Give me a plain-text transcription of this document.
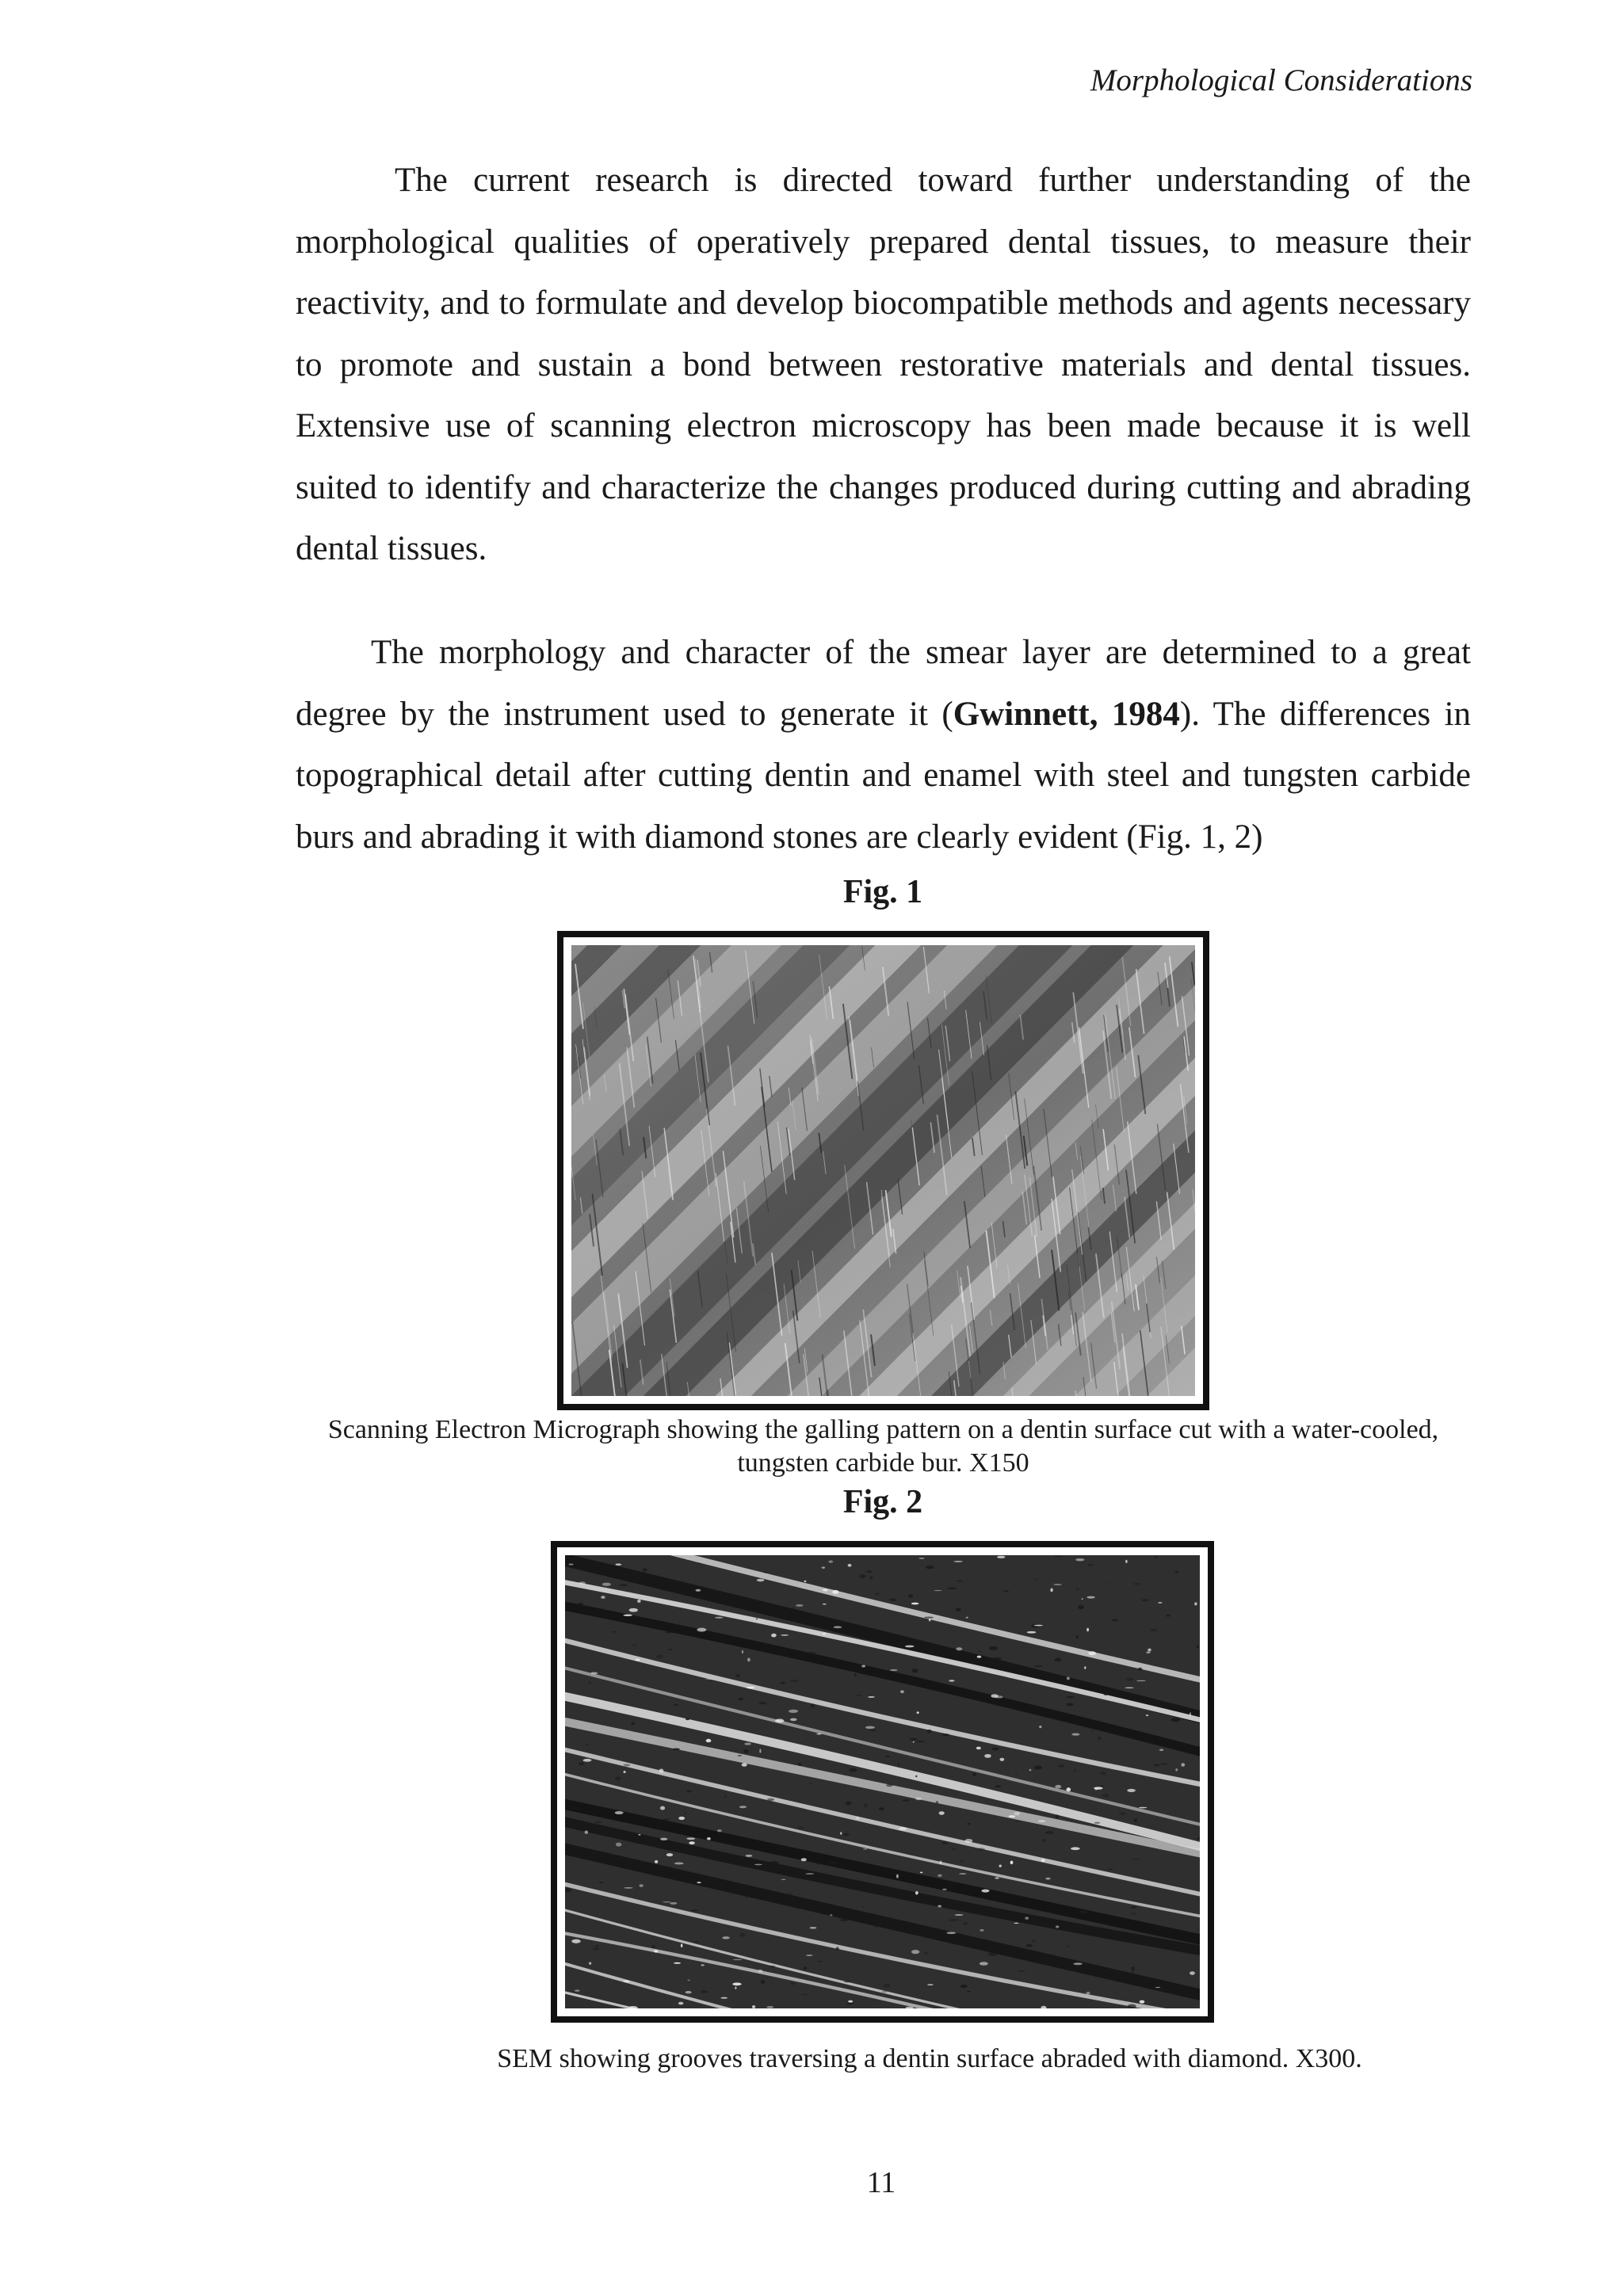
Morphological Considerations

The current research is directed toward further understanding of the morphological qualities of operatively prepared dental tissues, to measure their reactivity, and to formulate and develop biocompatible methods and agents necessary to promote and sustain a bond between restorative materials and dental tissues. Extensive use of scanning electron microscopy has been made because it is well suited to identify and characterize the changes produced during cutting and abrading dental tissues.

The morphology and character of the smear layer are determined to a great degree by the instrument used to generate it (Gwinnett, 1984). The differences in topographical detail after cutting dentin and enamel with steel and tungsten carbide burs and abrading it with diamond stones are clearly evident (Fig. 1, 2)

Fig. 1
Scanning Electron Micrograph showing the galling pattern on a dentin surface cut with a water-cooled, tungsten carbide bur. X150
Fig. 2
SEM showing grooves traversing a dentin surface abraded with diamond. X300.
11
